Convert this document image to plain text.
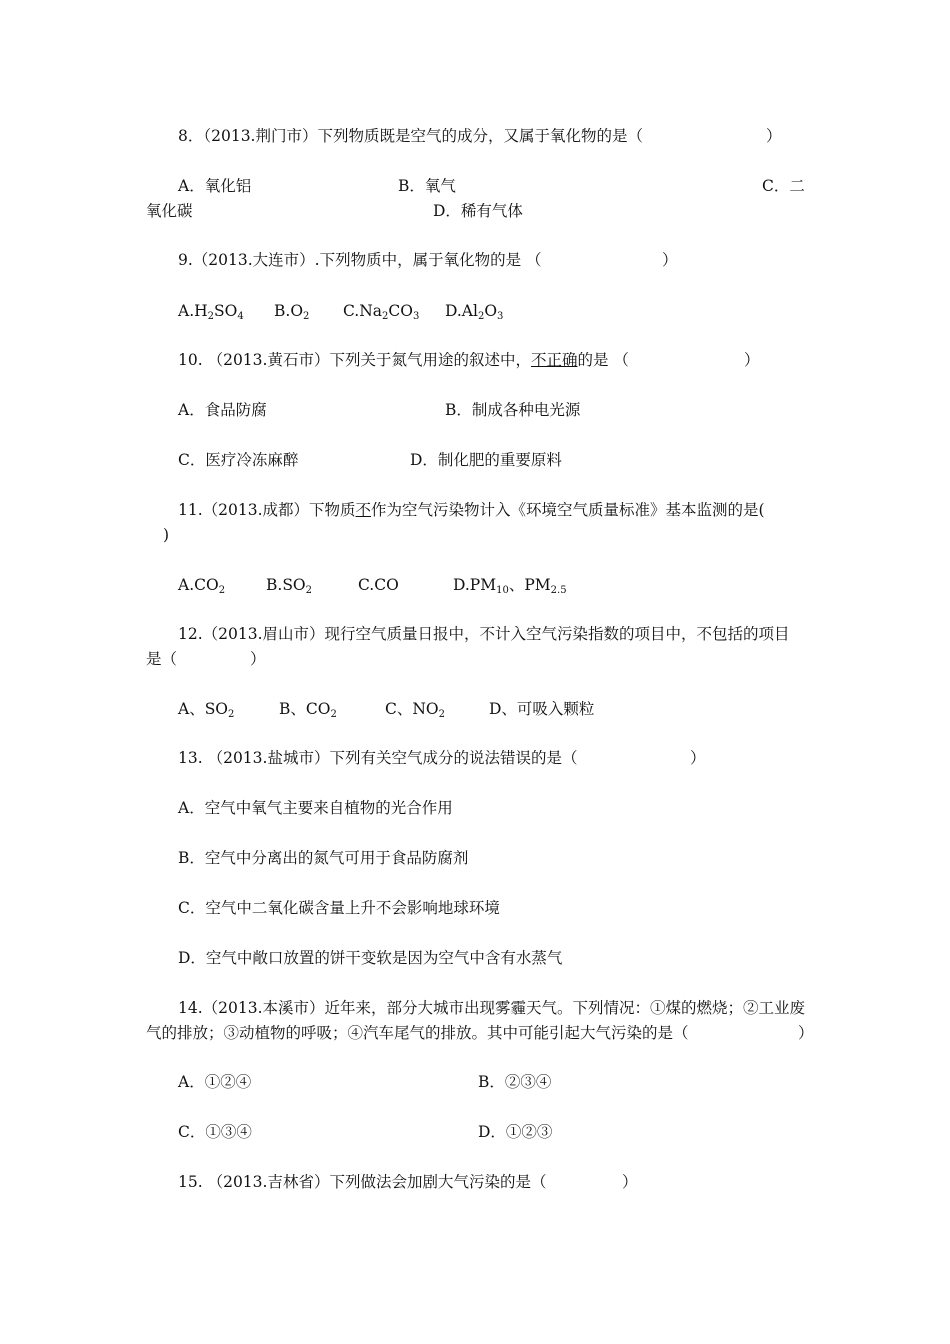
8．（2013.荆门市）下列物质既是空气的成分，又属于氧化物的是（	）
A．氧化铝	B．氧气	C．二
氧化碳	D．稀有气体
9.（2013.大连市）.下列物质中，属于氧化物的是 （	）
$A.H_2SO_4$ $B.O_2$ $C.Na_2CO_3$ $D.Al_2O_3$
10. （2013.黄石市）下列关于氮气用途的叙述中，不正确的是 （	）
A．食品防腐	B．制成各种电光源
C．医疗冷冻麻醉	D．制化肥的重要原料
11.（2013.成都）下物质不作为空气污染物计入《环境空气质量标准》基本监测的是(
)
$A.CO_2$	$B.SO_2$	C.CO	$D.PM_{10}$、$PM_{2.5}$
12.（2013.眉山市）现行空气质量日报中，不计入空气污染指数的项目中，不包括的项目
是（	）
A、$SO_2$	B、$CO_2$	C、$NO_2$	D、可吸入颗粒
13. （2013.盐城市）下列有关空气成分的说法错误的是（	）
A．空气中氧气主要来自植物的光合作用
B．空气中分离出的氮气可用于食品防腐剂
C．空气中二氧化碳含量上升不会影响地球环境
D．空气中敞口放置的饼干变软是因为空气中含有水蒸气
14.（2013.本溪市）近年来，部分大城市出现雾霾天气。下列情况：①煤的燃烧；②工业废
气的排放；③动植物的呼吸；④汽车尾气的排放。其中可能引起大气污染的是（	）
A．①②④	B．②③④
C．①③④	D．①②③
15. （2013.吉林省）下列做法会加剧大气污染的是（	）
